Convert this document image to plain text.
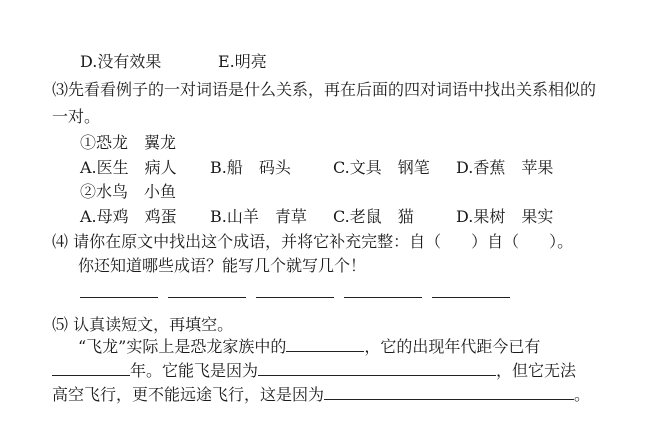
D.没有效果	E.明亮
⑶先看看例子的一对词语是什么关系，再在后面的四对词语中找出关系相似的
一对。
①恐龙　翼龙
A.医生　病人 B.船　码头	C.文具　钢笔 D.香蕉　苹果
②水鸟　小鱼
A.母鸡　鸡蛋 B.山羊　青草 C.老鼠　猫	D.果树　果实
⑷ 请你在原文中找出这个成语，并将它补充完整：自（ ）自（ ）。
你还知道哪些成语？能写几个就写几个！
⑸ 认真读短文，再填空。
“飞龙”实际上是恐龙家族中的	，它的出现年代距今已有
年。它能飞是因为	，但它无法
高空飞行，更不能远途飞行，这是因为	。
